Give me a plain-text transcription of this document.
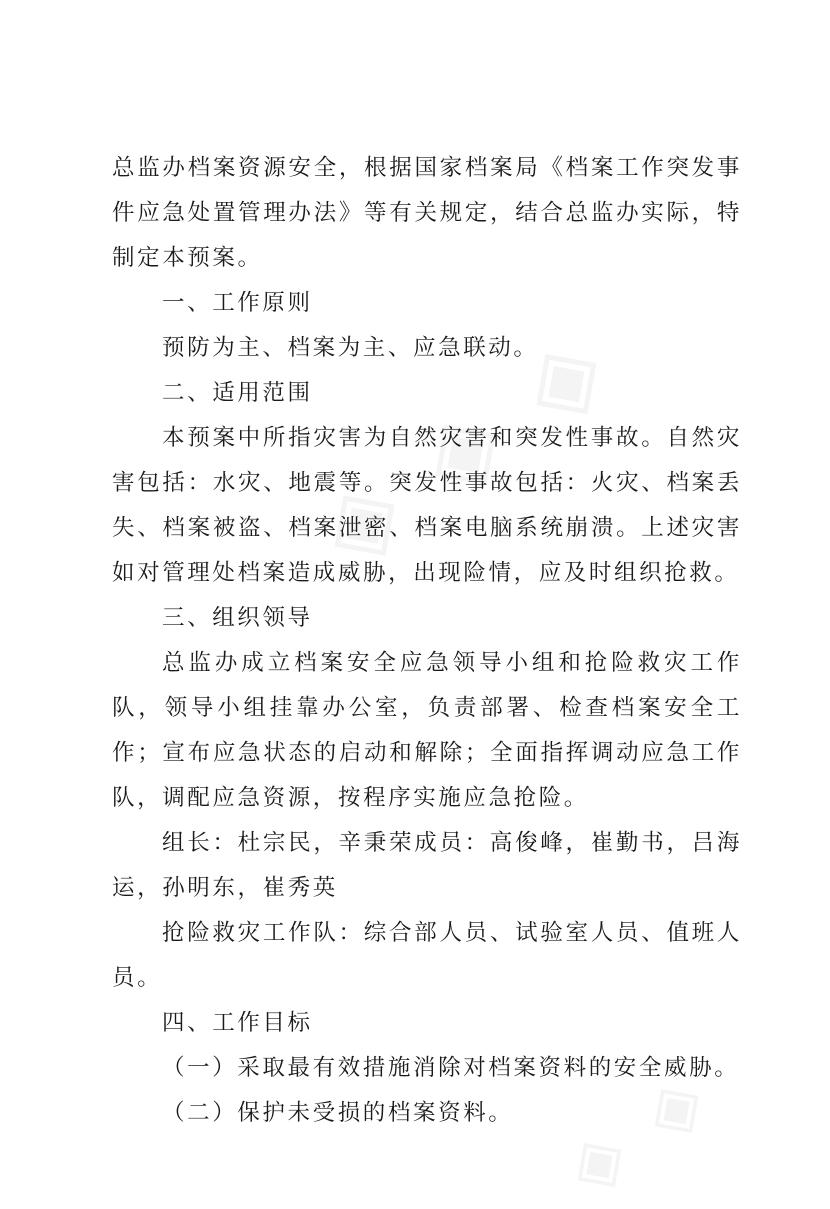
总监办档案资源安全，根据国家档案局《档案工作突发事件应急处置管理办法》等有关规定，结合总监办实际，特制定本预案。

一、工作原则

预防为主、档案为主、应急联动。

二、适用范围

本预案中所指灾害为自然灾害和突发性事故。自然灾害包括：水灾、地震等。突发性事故包括：火灾、档案丢失、档案被盗、档案泄密、档案电脑系统崩溃。上述灾害如对管理处档案造成威胁，出现险情，应及时组织抢救。

三、组织领导

总监办成立档案安全应急领导小组和抢险救灾工作队，领导小组挂靠办公室，负责部署、检查档案安全工作；宣布应急状态的启动和解除；全面指挥调动应急工作队，调配应急资源，按程序实施应急抢险。

组长：杜宗民，辛秉荣成员：高俊峰，崔勤书，吕海运，孙明东，崔秀英

抢险救灾工作队：综合部人员、试验室人员、值班人员。

四、工作目标

（一）采取最有效措施消除对档案资料的安全威胁。

（二）保护未受损的档案资料。
